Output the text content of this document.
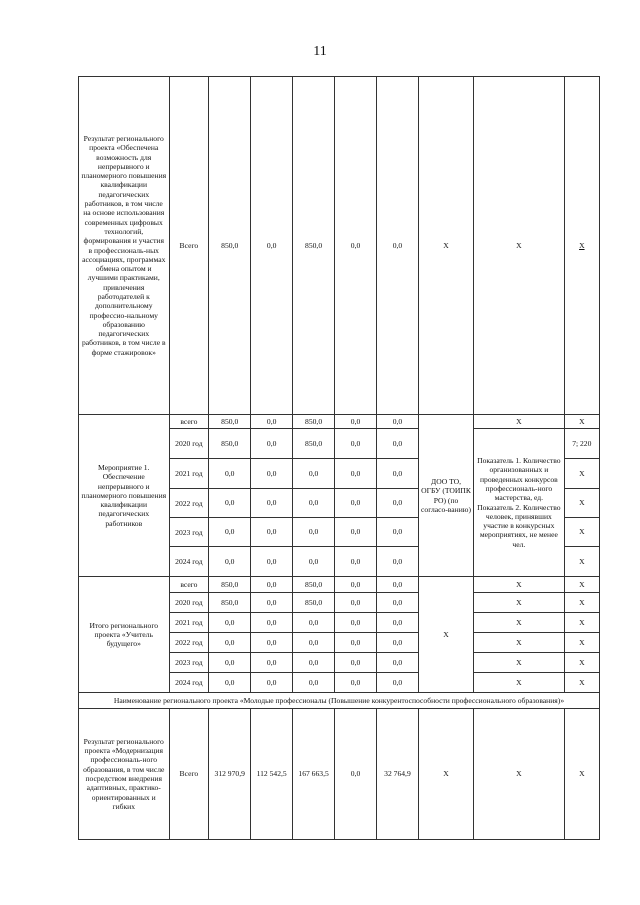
11
Результат регионального проекта «Обеспечена возможность для непрерывного и планомерного повышения квалификации педагогических работников, в том числе на основе использования современных цифровых технологий, формирования и участия в профессиональ-ных ассоциациях, программах обмена опытом и лучшими практиками, привлечения работодателей к дополнительному профессио-нальному образованию педагогических работников, в том числе в форме стажировок»	Всего	850,0	0,0	850,0	0,0	0,0	Х	Х	Х
Мероприятие 1. Обеспечение непрерывного и планомерного повышения квалификации педагогических работников	всего	850,0	0,0	850,0	0,0	0,0	ДОО ТО, ОГБУ (ТОИПК РО) (по согласо-ванию)	Х	Х
	2020 год	850,0	0,0	850,0	0,0	0,0		Показатель 1. Количество организованных и проведенных конкурсов профессиональ-ного мастерства, ед. Показатель 2. Количество человек, принявших участие в конкурсных мероприятиях, не менее чел.	7; 220
	2021 год	0,0	0,0	0,0	0,0	0,0			Х
	2022 год	0,0	0,0	0,0	0,0	0,0			Х
	2023 год	0,0	0,0	0,0	0,0	0,0			Х
	2024 год	0,0	0,0	0,0	0,0	0,0			Х
Итого регионального проекта «Учитель будущего»	всего	850,0	0,0	850,0	0,0	0,0	Х	Х	Х
	2020 год	850,0	0,0	850,0	0,0	0,0		Х	Х
	2021 год	0,0	0,0	0,0	0,0	0,0		Х	Х
	2022 год	0,0	0,0	0,0	0,0	0,0		Х	Х
	2023 год	0,0	0,0	0,0	0,0	0,0		Х	Х
	2024 год	0,0	0,0	0,0	0,0	0,0		Х	Х
Наименование регионального проекта «Молодые профессионалы (Повышение конкурентоспособности профессионального образования)»									
Результат регионального проекта «Модернизация профессиональ-ного образования, в том числе посредством внедрения адаптивных, практико-ориентированных и гибких	Всего	312 970,9	112 542,5	167 663,5	0,0	32 764,9	Х	Х	Х
